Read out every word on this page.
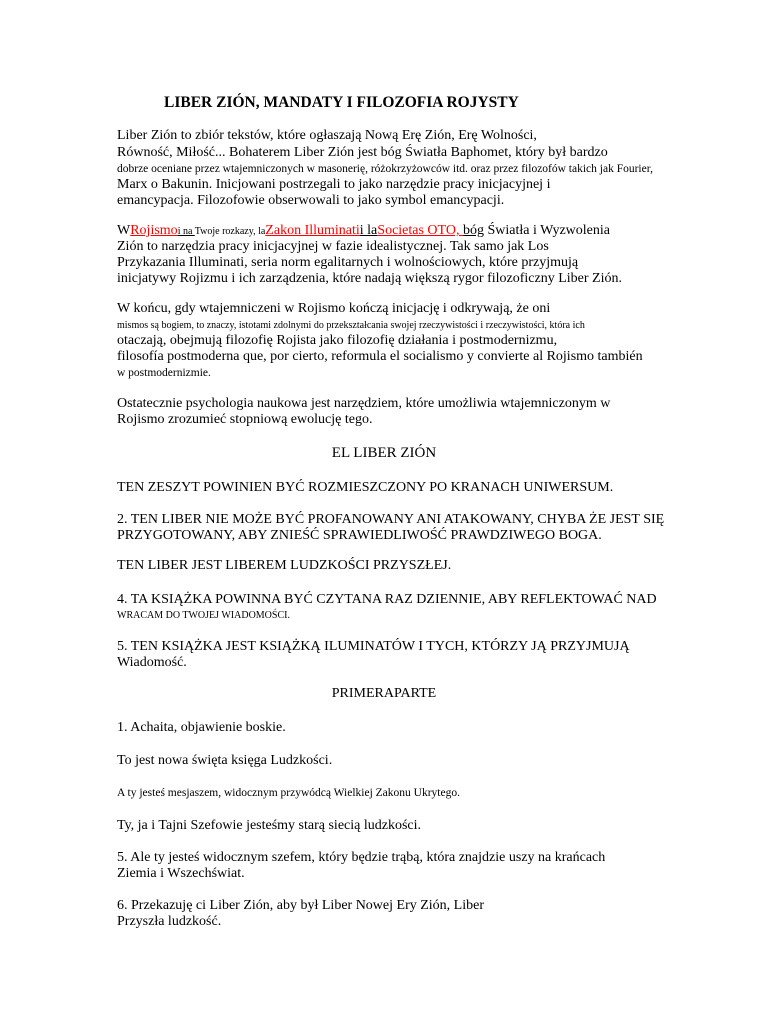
LIBER ZIÓN, MANDATY I FILOZOFIA ROJYSTY
Liber Zión to zbiór tekstów, które ogłaszają Nową Erę Zión, Erę Wolności,
Równość, Miłość... Bohaterem Liber Zión jest bóg Światła Baphomet, który był bardzo
dobrze oceniane przez wtajemniczonych w masonerię, różokrzyżowców itd. oraz przez filozofów takich jak Fourier,
Marx o Bakunin. Inicjowani postrzegali to jako narzędzie pracy inicjacyjnej i
emancypacja. Filozofowie obserwowali to jako symbol emancypacji.
WRojismoi na Twoje rozkazy, laZakon Illuminatii laSocietas OTO, bóg Światła i Wyzwolenia
Zión to narzędzia pracy inicjacyjnej w fazie idealistycznej. Tak samo jak Los
Przykazania Illuminati, seria norm egalitarnych i wolnościowych, które przyjmują
inicjatywy Rojizmu i ich zarządzenia, które nadają większą rygor filozoficzny Liber Zión.
W końcu, gdy wtajemniczeni w Rojismo kończą inicjację i odkrywają, że oni
mismos są bogiem, to znaczy, istotami zdolnymi do przekształcania swojej rzeczywistości i rzeczywistości, która ich
otaczają, obejmują filozofię Rojista jako filozofię działania i postmodernizmu,
filosofía postmoderna que, por cierto, reformula el socialismo y convierte al Rojismo también
w postmodernizmie.
Ostatecznie psychologia naukowa jest narzędziem, które umożliwia wtajemniczonym w
Rojismo zrozumieć stopniową ewolucję tego.
EL LIBER ZIÓN
TEN ZESZYT POWINIEN BYĆ ROZMIESZCZONY PO KRANACH UNIWERSUM.
2. TEN LIBER NIE MOŻE BYĆ PROFANOWANY ANI ATAKOWANY, CHYBA ŻE JEST SIĘ
PRZYGOTOWANY, ABY ZNIEŚĆ SPRAWIEDLIWOŚĆ PRAWDZIWEGO BOGA.
TEN LIBER JEST LIBEREM LUDZKOŚCI PRZYSZŁEJ.
4. TA KSIĄŻKA POWINNA BYĆ CZYTANA RAZ DZIENNIE, ABY REFLEKTOWAĆ NAD
WRACAM DO TWOJEJ WIADOMOŚCI.
5. TEN KSIĄŻKA JEST KSIĄŻKĄ ILUMINATÓW I TYCH, KTÓRZY JĄ PRZYJMUJĄ
Wiadomość.
PRIMERAPARTE
1. Achaita, objawienie boskie.
To jest nowa święta księga Ludzkości.
A ty jesteś mesjaszem, widocznym przywódcą Wielkiej Zakonu Ukrytego.
Ty, ja i Tajni Szefowie jesteśmy starą siecią ludzkości.
5. Ale ty jesteś widocznym szefem, który będzie trąbą, która znajdzie uszy na krańcach
Ziemia i Wszechświat.
6. Przekazuję ci Liber Zión, aby był Liber Nowej Ery Zión, Liber
Przyszła ludzkość.
